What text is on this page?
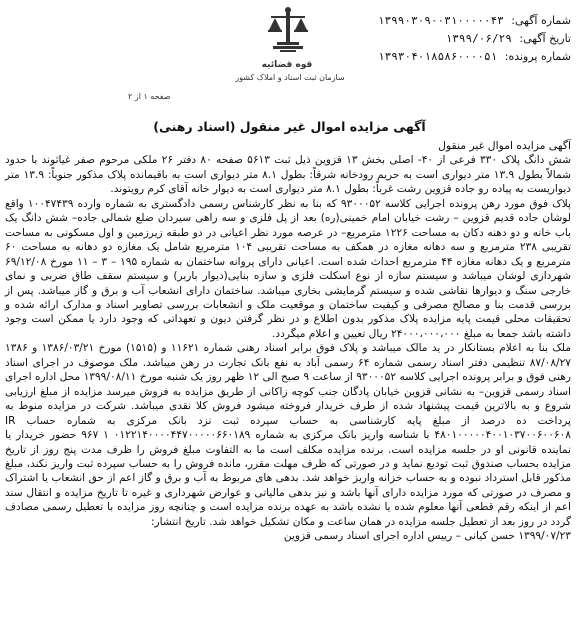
قوه قضائیه
سازمان ثبت اسناد و املاک کشور
شماره آگهی: ۱۳۹۹۰۳۰۹۰۰۳۱۰۰۰۰۰۴۳
تاریخ آگهی: ۱۳۹۹/۰۶/۲۹
شماره پرونده: ۱۳۹۳۰۴۰۱۸۵۸۶۰۰۰۰۵۱
صفحه ۱ از ۲
آگهی مزایده اموال غیر منقول (اسناد رهنی)

آگهی مزایده اموال غیر منقول

شش دانگ پلاک ۳۳۰ فرعی از ۴۰- اصلی بخش ۱۳ قزوین ذیل ثبت ۵۶۱۳ صفحه ۸۰ دفتر ۲۶ ملکی مرحوم صفر غیاثوند با حدود شمالاً بطول ۱۳.۹ متر دیواری است به حریم رودخانه شرقاً: بطول ۸.۱ متر دیواری است به باقیمانده پلاک مذکور جنوباً: ۱۳.۹ متر دیواریست به پیاده رو جاده قزوین رشت غرباً: بطول ۸.۱ متر دیواری است به دیوار خانه آقای کرم رویتوند.

پلاک فوق مورد رهن پرونده اجرایی کلاسه ۹۳۰۰۰۵۲ که بنا به نظر کارشناس رسمی دادگستری به شماره وارده ۱۰۰۴۷۴۳۹ واقع لوشان جاده قدیم قزوین – رشت خیابان امام خمینی(ره) بعد از پل فلزی و سه راهی سیردان ضلع شمالی جاده– شش دانگ یک باب خانه و دو دهنه دکان به مساحت ۱۲۲۶ مترمربع– در عرصه مورد نظر اعیانی در دو طبقه زیرزمین و اول مسکونی به مساحت تقریبی ۲۳۸ مترمربع و سه دهانه مغازه در همکف به مساحت تقریبی ۱۰۴ مترمربع شامل یک مغازه دو دهانه به مساحت ۶۰ مترمربع و یک دهانه مغازه ۴۴ مترمربع احداث شده است. اعیانی دارای پروانه ساختمان به شماره ۱۹۵ – ۳ – ۱۱ مورخ ۶۹/۱۲/۰۸ شهرداری لوشان میباشد و سیستم سازه از نوع اسکلت فلزی و سازه بنایی(دیوار باربر) و سیستم سقف طاق ضربی و نمای خارجی سنگ و دیوارها نقاشی شده و سیستم گرمایشی بخاری میباشد. ساختمان دارای انشعاب آب و برق و گاز میباشد. پس از بررسی قدمت بنا و مصالح مصرفی و کیفیت ساختمان و موقعیت ملک و انشعابات بررسی تصاویر اسناد و مدارک ارائه شده و تحقیقات محلی قیمت پایه مزایده پلاک مذکور بدون اطلاع و در نظر گرفتن دیون و تعهداتی که وجود دارد یا ممکن است وجود داشته باشد جمعا به مبلغ ۲۴۰۰۰،۰۰۰،۰۰۰ ریال تعیین و اعلام میگردد.

ملک بنا به اعلام بستانکار در ید مالک میباشد و پلاک فوق برابر اسناد رهنی شماره ۱۱۶۲۱ و (۱۵۱۵) مورخ ۱۳۸۶/۰۳/۲۱ و ۱۳۸۶ ۸۷/۰۸/۲۷ تنظیمی دفتر اسناد رسمی شماره ۶۴ رسمی آباد به نفع بانک تجارت در رهن میباشد. ملک موصوف در اجرای اسناد رهنی فوق و برابر پرونده اجرایی کلاسه ۹۳۰۰۰۵۲ از ساعت ۹ صبح الی ۱۲ ظهر روز یک شنبه مورخ ۱۳۹۹/۰۸/۱۱ محل اداره اجرای اسناد رسمی قزوین– به نشانی قزوین خیابان پادگان جنب کوچه زاکانی از طریق مزایده به فروش میرسد مزایده از مبلغ ارزیابی شروع و به بالاترین قیمت پیشنهاد شده از طرف خریدار فروخته میشود فروش کلا نقدی میباشد. شرکت در مزایده منوط به پرداخت ده درصد از مبلغ پایه کارشناسی به حساب سپرده ثبت نزد بانک مرکزی به شماره حساب IR ۴۸۰۱۰۰۰۰۰۴۰۰۱۰۳۷۰۰۶۰۰۶۰۸ با شناسه واریز بانک مرکزی به شماره ۰۱۲۲۱۴۰۰۰۰۴۴۷۰۰۰۰۰۶۶۰۱۸۹ ۱ ۹۶۷ حضور خریدار یا نماینده قانونی او در جلسه مزایده است. برنده مزایده مکلف است ما به التفاوت مبلغ فروش را ظرف مدت پنج روز از تاریخ مزایده بحساب صندوق ثبت تودیع نماید و در صورتی که ظرف مهلت مقرر، مانده فروش را به حساب سپرده ثبت واریز نکند، مبلغ مذکور قابل استرداد نبوده و به حساب خزانه واریز خواهد شد. بدهی های مربوط به آب و برق و گاز اعم از حق انشعاب یا اشتراک و مصرف در صورتی که مورد مزایده دارای آنها باشد و نیز بدهی مالیاتی و عوارض شهرداری و غیره تا تاریخ مزایده و انتقال سند اعم از اینکه رقم قطعی آنها معلوم شده یا نشده باشد به عهده برنده مزایده است و چنانچه روز مزایده با تعطیل رسمی مصادف گردد در روز بعد از تعطیل جلسه مزایده در همان ساعت و مکان تشکیل خواهد شد. تاریخ انتشار:

۱۳۹۹/۰۷/۲۳ حسن کیانی – رییس اداره اجرای اسناد رسمی قزوین
